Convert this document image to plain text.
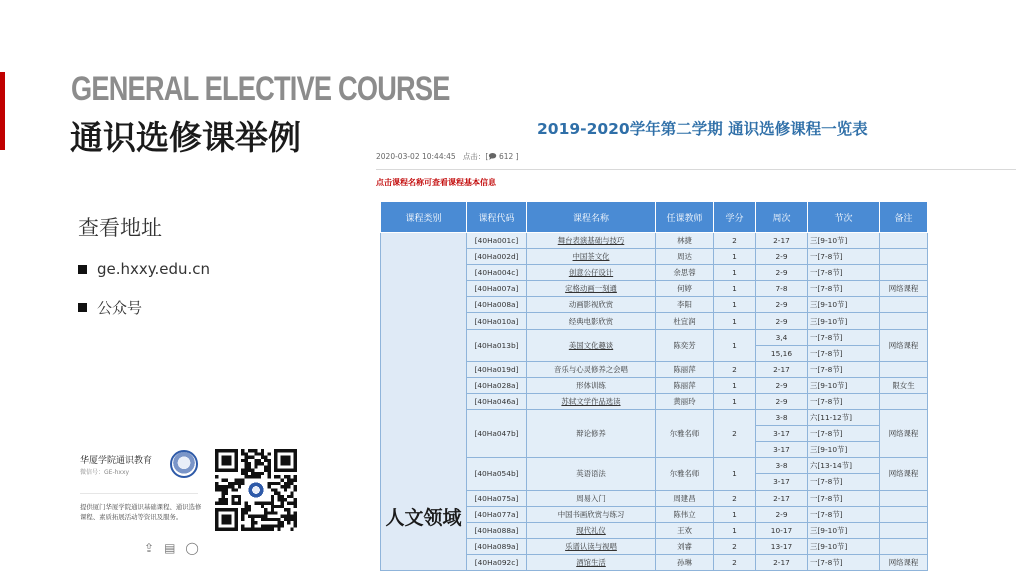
GENERAL ELECTIVE COURSE
通识选修课举例
查看地址
ge.hxxy.edu.cn
公众号
华厦学院通识教育
微信号：GE-hxxy
提供厦门华厦学院通识基础课程、通识选修课程、素质拓展活动等资讯及服务。
⇪ ▤ ◯
2019-2020学年第二学期 通识选修课程一览表
2020-03-02 10:44:45 点击：[🗩 612 ]
点击课程名称可查看课程基本信息
课程类别	课程代码	课程名称	任课教师	学分	周次	节次	备注
人文领域	[40Ha001c]	舞台表演基础与技巧	林捷	2	2-17	三[9-10节]	
	[40Ha002d]	中国茶文化	周达	1	2-9	一[7-8节]	
	[40Ha004c]	创意公仔设计	余思蓉	1	2-9	一[7-8节]	
	[40Ha007a]	定格动画一刻通	何婷	1	7-8	一[7-8节]	网络课程
	[40Ha008a]	动画影视欣赏	李阳	1	2-9	三[9-10节]	
	[40Ha010a]	经典电影欣赏	杜宜润	1	2-9	三[9-10节]	
	[40Ha013b]	美国文化趣谈	陈奕芳	1	3,4	一[7-8节]	网络课程
					15,16	一[7-8节]	
	[40Ha019d]	音乐与心灵修养之会唱	陈丽萍	2	2-17	一[7-8节]	
	[40Ha028a]	形体训练	陈丽萍	1	2-9	三[9-10节]	限女生
	[40Ha046a]	苏轼文学作品选读	黄丽玲	1	2-9	一[7-8节]	
	[40Ha047b]	辩论修养	尔雅名师	2	3-8	六[11-12节]	网络课程
					3-17	一[7-8节]	
					3-17	三[9-10节]	
	[40Ha054b]	英语语法	尔雅名师	1	3-8	六[13-14节]	网络课程
					3-17	一[7-8节]	
	[40Ha075a]	周易入门	周建昌	2	2-17	一[7-8节]	
	[40Ha077a]	中国书画欣赏与练习	陈伟立	1	2-9	一[7-8节]	
	[40Ha088a]	现代礼仪	王欢	1	10-17	三[9-10节]	
	[40Ha089a]	乐谱认读与视唱	刘睿	2	13-17	三[9-10节]	
	[40Ha092c]	酒馆生活	孙琳	2	2-17	一[7-8节]	网络课程
